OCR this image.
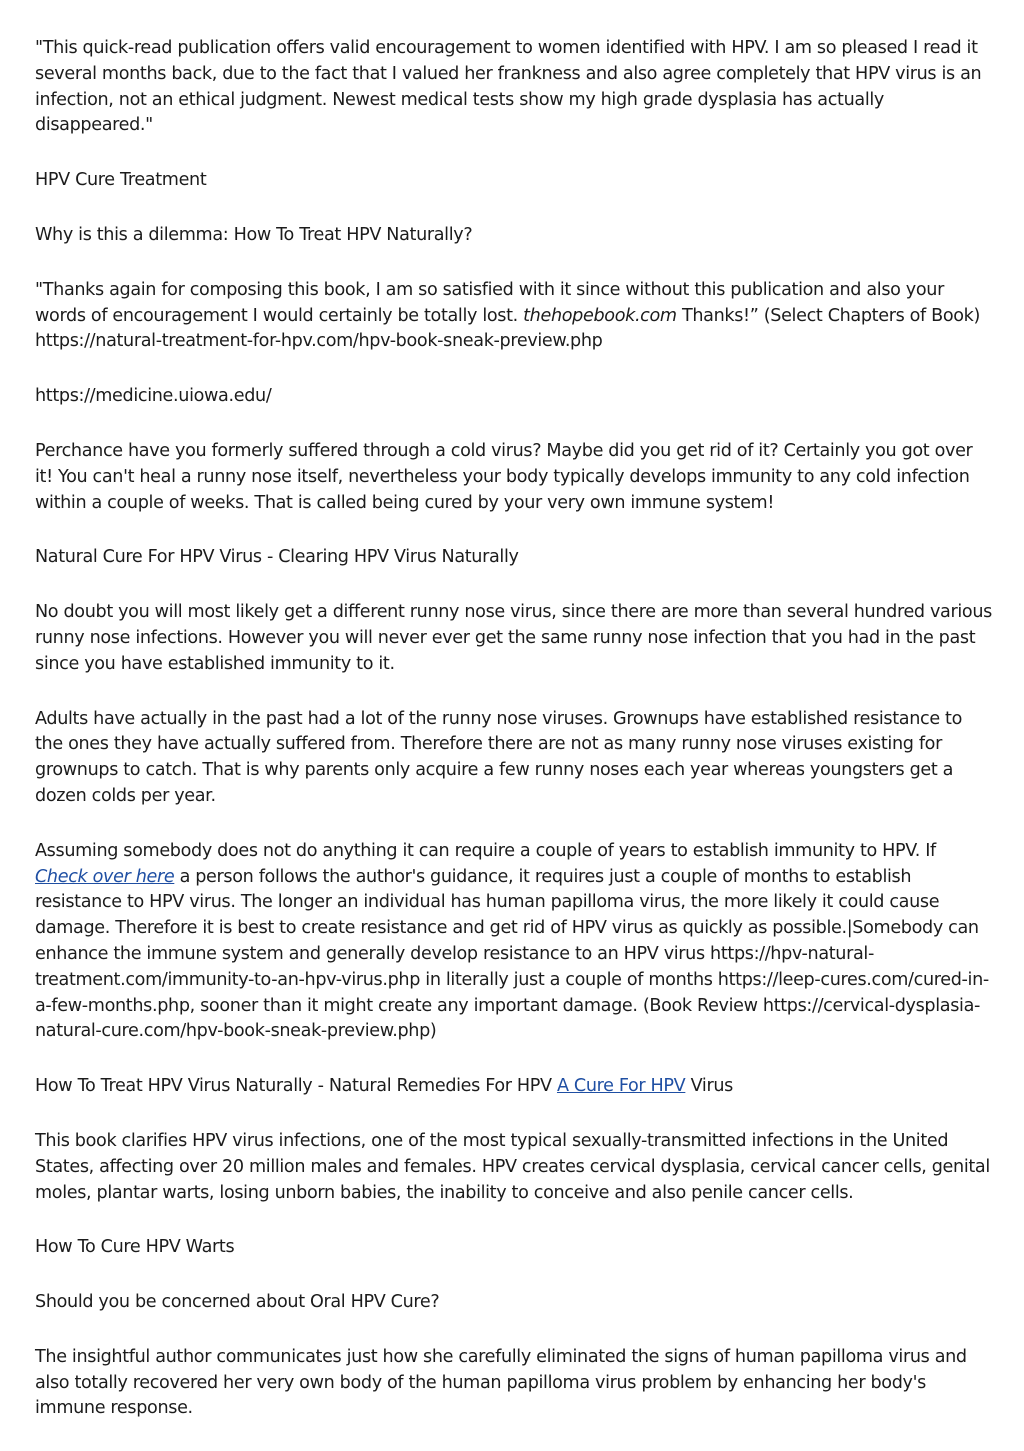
"This quick-read publication offers valid encouragement to women identified with HPV. I am so pleased I read it several months back, due to the fact that I valued her frankness and also agree completely that HPV virus is an infection, not an ethical judgment. Newest medical tests show my high grade dysplasia has actually disappeared."

HPV Cure Treatment

Why is this a dilemma: How To Treat HPV Naturally?

"Thanks again for composing this book, I am so satisfied with it since without this publication and also your words of encouragement I would certainly be totally lost. thehopebook.com Thanks!” (Select Chapters of Book) https://natural-treatment-for-hpv.com/hpv-book-sneak-preview.php

https://medicine.uiowa.edu/

Perchance have you formerly suffered through a cold virus? Maybe did you get rid of it? Certainly you got over it! You can't heal a runny nose itself, nevertheless your body typically develops immunity to any cold infection within a couple of weeks. That is called being cured by your very own immune system!

Natural Cure For HPV Virus - Clearing HPV Virus Naturally

No doubt you will most likely get a different runny nose virus, since there are more than several hundred various runny nose infections. However you will never ever get the same runny nose infection that you had in the past since you have established immunity to it.

Adults have actually in the past had a lot of the runny nose viruses. Grownups have established resistance to the ones they have actually suffered from. Therefore there are not as many runny nose viruses existing for grownups to catch. That is why parents only acquire a few runny noses each year whereas youngsters get a dozen colds per year.

Assuming somebody does not do anything it can require a couple of years to establish immunity to HPV. If Check over here a person follows the author's guidance, it requires just a couple of months to establish resistance to HPV virus. The longer an individual has human papilloma virus, the more likely it could cause damage. Therefore it is best to create resistance and get rid of HPV virus as quickly as possible.|Somebody can enhance the immune system and generally develop resistance to an HPV virus https://hpv-natural-treatment.com/immunity-to-an-hpv-virus.php in literally just a couple of months https://leep-cures.com/cured-in-a-few-months.php, sooner than it might create any important damage. (Book Review https://cervical-dysplasia-natural-cure.com/hpv-book-sneak-preview.php)

How To Treat HPV Virus Naturally - Natural Remedies For HPV A Cure For HPV Virus

This book clarifies HPV virus infections, one of the most typical sexually-transmitted infections in the United States, affecting over 20 million males and females. HPV creates cervical dysplasia, cervical cancer cells, genital moles, plantar warts, losing unborn babies, the inability to conceive and also penile cancer cells.

How To Cure HPV Warts

Should you be concerned about Oral HPV Cure?

The insightful author communicates just how she carefully eliminated the signs of human papilloma virus and also totally recovered her very own body of the human papilloma virus problem by enhancing her body's immune response.
